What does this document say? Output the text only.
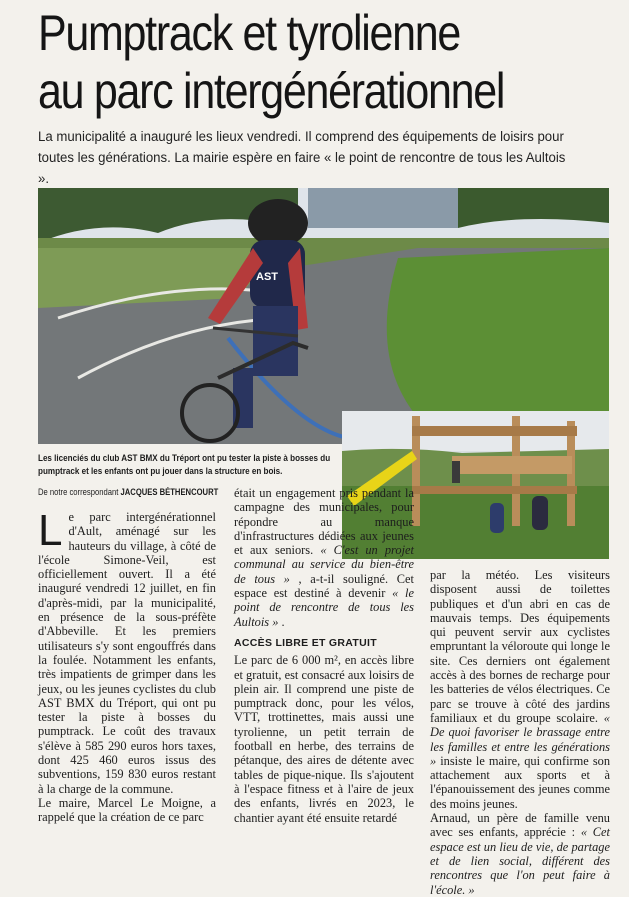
Pumptrack et tyrolienne
au parc intergénérationnel

La municipalité a inauguré les lieux vendredi. Il comprend des équipements de loisirs pour toutes les générations. La mairie espère en faire « le point de rencontre de tous les Aultois ».

AST

Les licenciés du club AST BMX du Tréport ont pu tester la piste à bosses du pumptrack et les enfants ont pu jouer dans la structure en bois.

De notre correspondant JACQUES BÉTHENCOURT

Le parc intergénérationnel d'Ault, aménagé sur les hauteurs du village, à côté de l'école Simone-Veil, est officiellement ouvert. Il a été inauguré vendredi 12 juillet, en fin d'après-midi, par la municipalité, en présence de la sous-préfète d'Abbeville. Et les premiers utilisateurs s'y sont engouffrés dans la foulée. Notamment les enfants, très impatients de grimper dans les jeux, ou les jeunes cyclistes du club AST BMX du Tréport, qui ont pu tester la piste à bosses du pumptrack. Le coût des travaux s'élève à 585 290 euros hors taxes, dont 425 460 euros issus des subventions, 159 830 euros restant à la charge de la commune.

Le maire, Marcel Le Moigne, a rappelé que la création de ce parc

était un engagement pris pendant la campagne des municipales, pour répondre au manque d'infrastructures dédiées aux jeunes et aux seniors. « C'est un projet communal au service du bien-être de tous » , a-t-il souligné. Cet espace est destiné à devenir « le point de rencontre de tous les Aultois » .

ACCÈS LIBRE ET GRATUIT

Le parc de 6 000 m², en accès libre et gratuit, est consacré aux loisirs de plein air. Il comprend une piste de pumptrack donc, pour les vélos, VTT, trottinettes, mais aussi une tyrolienne, un petit terrain de football en herbe, des terrains de pétanque, des aires de détente avec tables de pique-nique. Ils s'ajoutent à l'espace fitness et à l'aire de jeux des enfants, livrés en 2023, le chantier ayant été ensuite retardé

par la météo. Les visiteurs disposent aussi de toilettes publiques et d'un abri en cas de mauvais temps. Des équipements qui peuvent servir aux cyclistes empruntant la véloroute qui longe le site. Ces derniers ont également accès à des bornes de recharge pour les batteries de vélos électriques. Ce parc se trouve à côté des jardins familiaux et du groupe scolaire. « De quoi favoriser le brassage entre les familles et entre les générations » insiste le maire, qui confirme son attachement aux sports et à l'épanouissement des jeunes comme des moins jeunes.

Arnaud, un père de famille venu avec ses enfants, apprécie : « Cet espace est un lieu de vie, de partage et de lien social, différent des rencontres que l'on peut faire à l'école. »
